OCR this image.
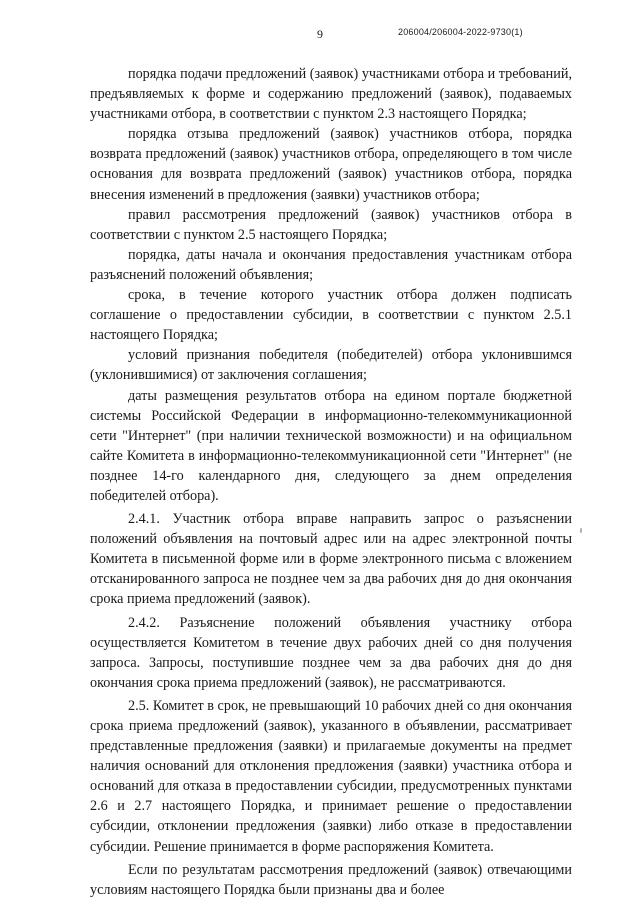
9	206004/206004-2022-9730(1)

порядка подачи предложений (заявок) участниками отбора и требований, предъявляемых к форме и содержанию предложений (заявок), подаваемых участниками отбора, в соответствии с пунктом 2.3 настоящего Порядка;

порядка отзыва предложений (заявок) участников отбора, порядка возврата предложений (заявок) участников отбора, определяющего в том числе основания для возврата предложений (заявок) участников отбора, порядка внесения изменений в предложения (заявки) участников отбора;

правил рассмотрения предложений (заявок) участников отбора в соответствии с пунктом 2.5 настоящего Порядка;

порядка, даты начала и окончания предоставления участникам отбора разъяснений положений объявления;

срока, в течение которого участник отбора должен подписать соглашение о предоставлении субсидии, в соответствии с пунктом 2.5.1 настоящего Порядка;

условий признания победителя (победителей) отбора уклонившимся (уклонившимися) от заключения соглашения;

даты размещения результатов отбора на едином портале бюджетной системы Российской Федерации в информационно-телекоммуникационной сети "Интернет" (при наличии технической возможности) и на официальном сайте Комитета в информационно-телекоммуникационной сети "Интернет" (не позднее 14-го календарного дня, следующего за днем определения победителей отбора).

2.4.1. Участник отбора вправе направить запрос о разъяснении положений объявления на почтовый адрес или на адрес электронной почты Комитета в письменной форме или в форме электронного письма с вложением отсканированного запроса не позднее чем за два рабочих дня до дня окончания срока приема предложений (заявок).

2.4.2. Разъяснение положений объявления участнику отбора осуществляется Комитетом в течение двух рабочих дней со дня получения запроса. Запросы, поступившие позднее чем за два рабочих дня до дня окончания срока приема предложений (заявок), не рассматриваются.

2.5. Комитет в срок, не превышающий 10 рабочих дней со дня окончания срока приема предложений (заявок), указанного в объявлении, рассматривает представленные предложения (заявки) и прилагаемые документы на предмет наличия оснований для отклонения предложения (заявки) участника отбора и оснований для отказа в предоставлении субсидии, предусмотренных пунктами 2.6 и 2.7 настоящего Порядка, и принимает решение о предоставлении субсидии, отклонении предложения (заявки) либо отказе в предоставлении субсидии. Решение принимается в форме распоряжения Комитета.

Если по результатам рассмотрения предложений (заявок) отвечающими условиям настоящего Порядка были признаны два и более
